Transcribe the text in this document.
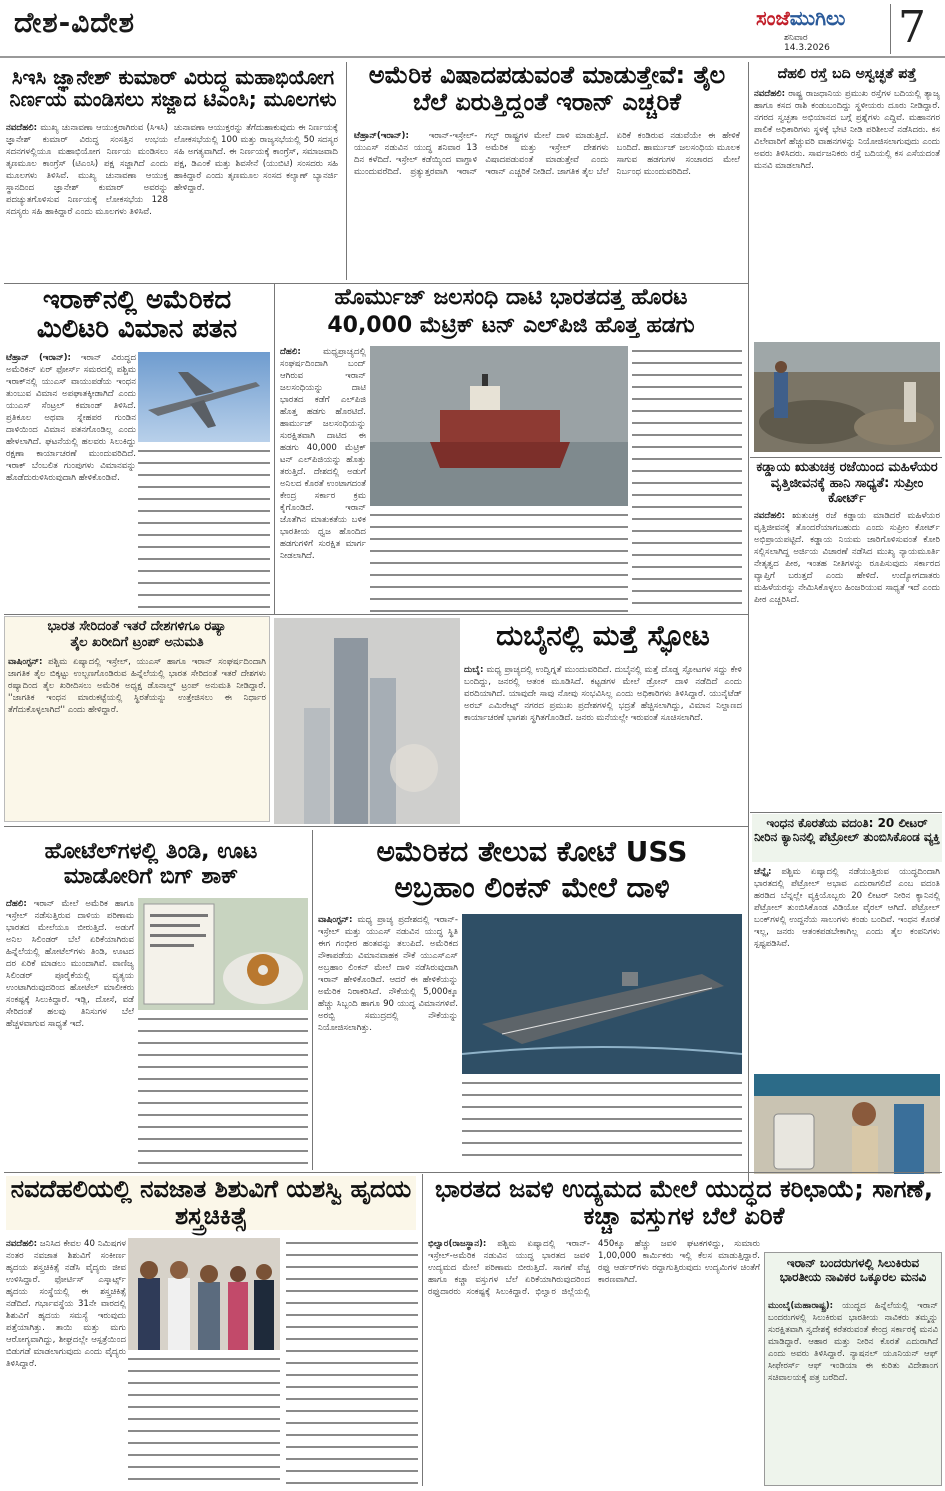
ದೇಶ-ವಿದೇಶ	ಸಂಜೆಮುಗಿಲು
ಶನಿವಾರ
14.3.2026 7
ಸಿಇಸಿ ಜ್ಞಾನೇಶ್ ಕುಮಾರ್ ವಿರುದ್ಧ ಮಹಾಭಿಯೋಗ ನಿರ್ಣಯ ಮಂಡಿಸಲು ಸಜ್ಜಾದ ಟಿಎಂಸಿ; ಮೂಲಗಳು
ನವದೆಹಲಿ: ಮುಖ್ಯ ಚುನಾವಣಾ ಆಯುಕ್ತರಾಗಿರುವ (ಸಿಇಸಿ) ಜ್ಞಾನೇಶ್ ಕುಮಾರ್ ವಿರುದ್ಧ ಸಂಸತ್ತಿನ ಉಭಯ ಸದನಗಳಲ್ಲಿಯೂ ಮಹಾಭಿಯೋಗ ನಿರ್ಣಯ ಮಂಡಿಸಲು ತೃಣಮೂಲ ಕಾಂಗ್ರೆಸ್ (ಟಿಎಂಸಿ) ಪಕ್ಷ ಸಜ್ಜಾಗಿದೆ ಎಂದು ಮೂಲಗಳು ತಿಳಿಸಿವೆ. ಮುಖ್ಯ ಚುನಾವಣಾ ಆಯುಕ್ತ ಸ್ಥಾನದಿಂದ ಜ್ಞಾನೇಶ್ ಕುಮಾರ್ ಅವರನ್ನು ಪದಚ್ಯುತಗೊಳಿಸುವ ನಿರ್ಣಯಕ್ಕೆ ಲೋಕಸಭೆಯ 128 ಸದಸ್ಯರು ಸಹಿ ಹಾಕಿದ್ದಾರೆ ಎಂದು ಮೂಲಗಳು ತಿಳಿಸಿವೆ.
ಚುನಾವಣಾ ಆಯುಕ್ತರನ್ನು ತೆಗೆದುಹಾಕುವುದು ಈ ನಿರ್ಣಯಕ್ಕೆ ಲೋಕಸಭೆಯಲ್ಲಿ 100 ಮತ್ತು ರಾಜ್ಯಸಭೆಯಲ್ಲಿ 50 ಸದಸ್ಯರ ಸಹಿ ಅಗತ್ಯವಾಗಿದೆ. ಈ ನಿರ್ಣಯಕ್ಕೆ ಕಾಂಗ್ರೆಸ್, ಸಮಾಜವಾದಿ ಪಕ್ಷ, ಡಿಎಂಕೆ ಮತ್ತು ಶಿವಸೇನೆ (ಯುಬಿಟಿ) ಸಂಸದರು ಸಹಿ ಹಾಕಿದ್ದಾರೆ ಎಂದು ತೃಣಮೂಲ ಸಂಸದ ಕಲ್ಯಾಣ್ ಬ್ಯಾನರ್ಜಿ ಹೇಳಿದ್ದಾರೆ.
ಅಮೆರಿಕ ವಿಷಾದಪಡುವಂತೆ ಮಾಡುತ್ತೇವೆ: ತೈಲ ಬೆಲೆ ಏರುತ್ತಿದ್ದಂತೆ ಇರಾನ್ ಎಚ್ಚರಿಕೆ
ಟೆಹ್ರಾನ್(ಇರಾನ್): ಇರಾನ್-ಇಸ್ರೇಲ್-ಯುಎಸ್ ನಡುವಿನ ಯುದ್ಧ ಶನಿವಾರ 13 ದಿನ ಕಳೆದಿದೆ. ಇಸ್ರೇಲ್ ಕಡೆಯ್ಯಿಂದ ವಾಗ್ದಾಳಿ ಮುಂದುವರೆದಿದೆ. ಪ್ರತ್ಯುತ್ತರವಾಗಿ ಇರಾನ್ ಗಲ್ಫ್ ರಾಷ್ಟ್ರಗಳ ಮೇಲೆ ದಾಳಿ ಮಾಡುತ್ತಿದೆ. ಅಮೆರಿಕ ಮತ್ತು ಇಸ್ರೇಲ್ ದೇಶಗಳು ವಿಷಾದಪಡುವಂತೆ ಮಾಡುತ್ತೇವೆ ಎಂದು ಇರಾನ್ ಎಚ್ಚರಿಕೆ ನೀಡಿದೆ. ಜಾಗತಿಕ ತೈಲ ಬೆಲೆ ಏರಿಕೆ ಕಂಡಿರುವ ನಡುವೆಯೇ ಈ ಹೇಳಿಕೆ ಬಂದಿದೆ. ಹಾರ್ಮುಜ್ ಜಲಸಂಧಿಯ ಮೂಲಕ ಸಾಗುವ ಹಡಗುಗಳ ಸಂಚಾರದ ಮೇಲೆ ನಿರ್ಬಂಧ ಮುಂದುವರಿದಿದೆ.
ದೆಹಲಿ ರಸ್ತೆ ಬದಿ ಅಸ್ವಚ್ಛತೆ ಪತ್ತೆ
ನವದೆಹಲಿ: ರಾಷ್ಟ್ರ ರಾಜಧಾನಿಯ ಪ್ರಮುಖ ರಸ್ತೆಗಳ ಬದಿಯಲ್ಲಿ ತ್ಯಾಜ್ಯ ಹಾಗೂ ಕಸದ ರಾಶಿ ಕಂಡುಬಂದಿದ್ದು ಸ್ಥಳೀಯರು ದೂರು ನೀಡಿದ್ದಾರೆ. ನಗರದ ಸ್ವಚ್ಛತಾ ಅಭಿಯಾನದ ಬಗ್ಗೆ ಪ್ರಶ್ನೆಗಳು ಎದ್ದಿವೆ. ಮಹಾನಗರ ಪಾಲಿಕೆ ಅಧಿಕಾರಿಗಳು ಸ್ಥಳಕ್ಕೆ ಭೇಟಿ ನೀಡಿ ಪರಿಶೀಲನೆ ನಡೆಸಿದರು. ಕಸ ವಿಲೇವಾರಿಗೆ ಹೆಚ್ಚುವರಿ ವಾಹನಗಳನ್ನು ನಿಯೋಜಿಸಲಾಗುವುದು ಎಂದು ಅವರು ತಿಳಿಸಿದರು. ಸಾರ್ವಜನಿಕರು ರಸ್ತೆ ಬದಿಯಲ್ಲಿ ಕಸ ಎಸೆಯದಂತೆ ಮನವಿ ಮಾಡಲಾಗಿದೆ.
ಕಡ್ಡಾಯ ಋತುಚಕ್ರ ರಜೆಯಿಂದ ಮಹಿಳೆಯರ ವೃತ್ತಿಜೀವನಕ್ಕೆ ಹಾನಿ ಸಾಧ್ಯತೆ: ಸುಪ್ರೀಂ ಕೋರ್ಟ್
ನವದೆಹಲಿ: ಋತುಚಕ್ರ ರಜೆ ಕಡ್ಡಾಯ ಮಾಡಿದರೆ ಮಹಿಳೆಯರ ವೃತ್ತಿಜೀವನಕ್ಕೆ ತೊಂದರೆಯಾಗಬಹುದು ಎಂದು ಸುಪ್ರೀಂ ಕೋರ್ಟ್ ಅಭಿಪ್ರಾಯಪಟ್ಟಿದೆ. ಕಡ್ಡಾಯ ನಿಯಮ ಜಾರಿಗೊಳಿಸುವಂತೆ ಕೋರಿ ಸಲ್ಲಿಸಲಾಗಿದ್ದ ಅರ್ಜಿಯ ವಿಚಾರಣೆ ನಡೆಸಿದ ಮುಖ್ಯ ನ್ಯಾಯಮೂರ್ತಿ ನೇತೃತ್ವದ ಪೀಠ, ಇಂತಹ ನೀತಿಗಳನ್ನು ರೂಪಿಸುವುದು ಸರ್ಕಾರದ ವ್ಯಾಪ್ತಿಗೆ ಬರುತ್ತದೆ ಎಂದು ಹೇಳಿದೆ. ಉದ್ಯೋಗದಾತರು ಮಹಿಳೆಯರನ್ನು ನೇಮಿಸಿಕೊಳ್ಳಲು ಹಿಂಜರಿಯುವ ಸಾಧ್ಯತೆ ಇದೆ ಎಂದು ಪೀಠ ಎಚ್ಚರಿಸಿದೆ.
ಇಂಧನ ಕೊರತೆಯ ವದಂತಿ: 20 ಲೀಟರ್ ನೀರಿನ ಕ್ಯಾನಿನಲ್ಲಿ ಪೆಟ್ರೋಲ್ ತುಂಬಿಸಿಕೊಂಡ ವ್ಯಕ್ತಿ
ಚೆನ್ನೈ: ಪಶ್ಚಿಮ ಏಷ್ಯಾದಲ್ಲಿ ನಡೆಯುತ್ತಿರುವ ಯುದ್ಧದಿಂದಾಗಿ ಭಾರತದಲ್ಲಿ ಪೆಟ್ರೋಲ್ ಅಭಾವ ಎದುರಾಗಲಿದೆ ಎಂಬ ವದಂತಿ ಹರಡಿದ ಬೆನ್ನಲ್ಲೇ ವ್ಯಕ್ತಿಯೊಬ್ಬರು 20 ಲೀಟರ್ ನೀರಿನ ಕ್ಯಾನಿನಲ್ಲಿ ಪೆಟ್ರೋಲ್ ತುಂಬಿಸಿಕೊಂಡ ವಿಡಿಯೋ ವೈರಲ್ ಆಗಿದೆ. ಪೆಟ್ರೋಲ್ ಬಂಕ್‌ಗಳಲ್ಲಿ ಉದ್ದನೆಯ ಸಾಲುಗಳು ಕಂಡು ಬಂದಿವೆ. ಇಂಧನ ಕೊರತೆ ಇಲ್ಲ, ಜನರು ಆತಂಕಪಡಬೇಕಾಗಿಲ್ಲ ಎಂದು ತೈಲ ಕಂಪನಿಗಳು ಸ್ಪಷ್ಟಪಡಿಸಿವೆ.
ಇರಾಕ್‌ನಲ್ಲಿ ಅಮೆರಿಕದ ಮಿಲಿಟರಿ ವಿಮಾನ ಪತನ
ಟೆಹ್ರಾನ್ (ಇರಾನ್): ಇರಾನ್ ವಿರುದ್ಧದ ಅಮೆರಿಕನ್ ಏರ್ ಫೋರ್ಸ್ ಸಮರದಲ್ಲಿ ಪಶ್ಚಿಮ ಇರಾಕ್‌ನಲ್ಲಿ ಯುಎಸ್ ವಾಯುಪಡೆಯ ಇಂಧನ ತುಂಬುವ ವಿಮಾನ ಅಪಘಾತಕ್ಕೀಡಾಗಿದೆ ಎಂದು ಯುಎಸ್ ಸೆಂಟ್ರಲ್ ಕಮಾಂಡ್ ತಿಳಿಸಿದೆ. ಪ್ರತಿಕೂಲ ಅಥವಾ ಸ್ನೇಹಪರ ಗುಂಡಿನ ದಾಳಿಯಿಂದ ವಿಮಾನ ಪತನಗೊಂಡಿಲ್ಲ ಎಂದು ಹೇಳಲಾಗಿದೆ. ಘಟನೆಯಲ್ಲಿ ಹಲವರು ಸಿಲುಕಿದ್ದು ರಕ್ಷಣಾ ಕಾರ್ಯಾಚರಣೆ ಮುಂದುವರಿದಿದೆ. ಇರಾಕ್ ಬೆಂಬಲಿತ ಗುಂಪುಗಳು ವಿಮಾನವನ್ನು ಹೊಡೆದುರುಳಿಸಿರುವುದಾಗಿ ಹೇಳಿಕೊಂಡಿವೆ.
ಹೊರ್ಮುಜ್ ಜಲಸಂಧಿ ದಾಟಿ ಭಾರತದತ್ತ ಹೊರಟ
40,000 ಮೆಟ್ರಿಕ್ ಟನ್ ಎಲ್‌ಪಿಜಿ ಹೊತ್ತ ಹಡಗು
ದೆಹಲಿ:	ಮಧ್ಯಪ್ರಾಚ್ಯದಲ್ಲಿ ಸಂಘರ್ಷದಿಂದಾಗಿ ಬಂದ್ ಆಗಿರುವ ಇರಾನ್ ಜಲಸಂಧಿಯನ್ನು ದಾಟಿ ಭಾರತದ ಕಡೆಗೆ ಎಲ್‌ಪಿಜಿ ಹೊತ್ತ ಹಡಗು ಹೊರಟಿದೆ. ಹಾರ್ಮುಜ್ ಜಲಸಂಧಿಯನ್ನು ಸುರಕ್ಷಿತವಾಗಿ ದಾಟಿದ ಈ ಹಡಗು 40,000 ಮೆಟ್ರಿಕ್ ಟನ್ ಎಲ್‌ಪಿಜಿಯನ್ನು ಹೊತ್ತು ತರುತ್ತಿದೆ. ದೇಶದಲ್ಲಿ ಅಡುಗೆ ಅನಿಲದ ಕೊರತೆ ಉಂಟಾಗದಂತೆ ಕೇಂದ್ರ ಸರ್ಕಾರ ಕ್ರಮ ಕೈಗೊಂಡಿದೆ. ಇರಾನ್ ಜೊತೆಗಿನ ಮಾತುಕತೆಯ ಬಳಿಕ ಭಾರತೀಯ ಧ್ವಜ ಹೊಂದಿದ ಹಡಗುಗಳಿಗೆ ಸುರಕ್ಷಿತ ಮಾರ್ಗ ನೀಡಲಾಗಿದೆ.
ಭಾರತ ಸೇರಿದಂತೆ ಇತರೆ ದೇಶಗಳಿಗೂ ರಷ್ಯಾ
ತೈಲ ಖರೀದಿಗೆ ಟ್ರಂಪ್ ಅನುಮತಿ
ವಾಷಿಂಗ್ಟನ್: ಪಶ್ಚಿಮ ಏಷ್ಯಾದಲ್ಲಿ ಇಸ್ರೇಲ್, ಯುಎಸ್ ಹಾಗೂ ಇರಾನ್ ಸಂಘರ್ಷದಿಂದಾಗಿ ಜಾಗತಿಕ ತೈಲ ಬಿಕ್ಕಟ್ಟು ಉಲ್ಬಣಗೊಂಡಿರುವ ಹಿನ್ನೆಲೆಯಲ್ಲಿ ಭಾರತ ಸೇರಿದಂತೆ ಇತರೆ ದೇಶಗಳು ರಷ್ಯಾದಿಂದ ತೈಲ ಖರೀದಿಸಲು ಅಮೆರಿಕ ಅಧ್ಯಕ್ಷ ಡೊನಾಲ್ಡ್ ಟ್ರಂಪ್ ಅನುಮತಿ ನೀಡಿದ್ದಾರೆ. ''ಜಾಗತಿಕ ಇಂಧನ ಮಾರುಕಟ್ಟೆಯಲ್ಲಿ ಸ್ಥಿರತೆಯನ್ನು ಉತ್ತೇಜಿಸಲು ಈ ನಿರ್ಧಾರ ತೆಗೆದುಕೊಳ್ಳಲಾಗಿದೆ'' ಎಂದು ಹೇಳಿದ್ದಾರೆ.
ದುಬೈನಲ್ಲಿ ಮತ್ತೆ ಸ್ಫೋಟ
ದುಬೈ: ಮಧ್ಯ ಪ್ರಾಚ್ಯದಲ್ಲಿ ಉದ್ವಿಗ್ನತೆ ಮುಂದುವರಿದಿದೆ. ದುಬೈನಲ್ಲಿ ಮತ್ತೆ ದೊಡ್ಡ ಸ್ಫೋಟಗಳ ಸದ್ದು ಕೇಳಿ ಬಂದಿದ್ದು, ಜನರಲ್ಲಿ ಆತಂಕ ಮೂಡಿಸಿದೆ. ಕಟ್ಟಡಗಳ ಮೇಲೆ ಡ್ರೋನ್ ದಾಳಿ ನಡೆದಿದೆ ಎಂದು ವರದಿಯಾಗಿದೆ. ಯಾವುದೇ ಸಾವು ನೋವು ಸಂಭವಿಸಿಲ್ಲ ಎಂದು ಅಧಿಕಾರಿಗಳು ತಿಳಿಸಿದ್ದಾರೆ. ಯುನೈಟೆಡ್ ಅರಬ್ ಎಮಿರೇಟ್ಸ್ ನಗರದ ಪ್ರಮುಖ ಪ್ರದೇಶಗಳಲ್ಲಿ ಭದ್ರತೆ ಹೆಚ್ಚಿಸಲಾಗಿದ್ದು, ವಿಮಾನ ನಿಲ್ದಾಣದ ಕಾರ್ಯಾಚರಣೆ ಭಾಗಶಃ ಸ್ಥಗಿತಗೊಂಡಿದೆ. ಜನರು ಮನೆಯಲ್ಲೇ ಇರುವಂತೆ ಸೂಚಿಸಲಾಗಿದೆ.
ಹೋಟೆಲ್‌ಗಳಲ್ಲಿ ತಿಂಡಿ, ಊಟ ಮಾಡೋರಿಗೆ ಬಿಗ್ ಶಾಕ್
ದೆಹಲಿ: ಇರಾನ್ ಮೇಲೆ ಅಮೆರಿಕ ಹಾಗೂ ಇಸ್ರೇಲ್ ನಡೆಸುತ್ತಿರುವ ದಾಳಿಯ ಪರಿಣಾಮ ಭಾರತದ ಮೇಲೆಯೂ ಬೀರುತ್ತಿದೆ. ಅಡುಗೆ ಅನಿಲ ಸಿಲಿಂಡರ್ ಬೆಲೆ ಏರಿಕೆಯಾಗಿರುವ ಹಿನ್ನೆಲೆಯಲ್ಲಿ ಹೋಟೆಲ್‌ಗಳು ತಿಂಡಿ, ಊಟದ ದರ ಏರಿಕೆ ಮಾಡಲು ಮುಂದಾಗಿವೆ. ವಾಣಿಜ್ಯ ಸಿಲಿಂಡರ್ ಪೂರೈಕೆಯಲ್ಲಿ ವ್ಯತ್ಯಯ ಉಂಟಾಗಿರುವುದರಿಂದ ಹೋಟೆಲ್ ಮಾಲೀಕರು ಸಂಕಷ್ಟಕ್ಕೆ ಸಿಲುಕಿದ್ದಾರೆ. ಇಡ್ಲಿ, ದೋಸೆ, ವಡೆ ಸೇರಿದಂತೆ ಹಲವು ತಿನಿಸುಗಳ ಬೆಲೆ ಹೆಚ್ಚಳವಾಗುವ ಸಾಧ್ಯತೆ ಇದೆ.
ಅಮೆರಿಕದ ತೇಲುವ ಕೋಟೆ USS
ಅಬ್ರಹಾಂ ಲಿಂಕನ್ ಮೇಲೆ ದಾಳಿ
ವಾಷಿಂಗ್ಟನ್: ಮಧ್ಯ ಪ್ರಾಚ್ಯ ಪ್ರದೇಶದಲ್ಲಿ ಇರಾನ್-ಇಸ್ರೇಲ್ ಮತ್ತು ಯುಎಸ್ ನಡುವಿನ ಯುದ್ಧ ಸ್ಥಿತಿ ಈಗ ಗಂಭೀರ ಹಂತವನ್ನು ತಲುಪಿದೆ. ಅಮೆರಿಕದ ನೌಕಾಪಡೆಯ ವಿಮಾನವಾಹಕ ನೌಕೆ ಯುಎಸ್‌ಎಸ್ ಅಬ್ರಹಾಂ ಲಿಂಕನ್ ಮೇಲೆ ದಾಳಿ ನಡೆಸಿರುವುದಾಗಿ ಇರಾನ್ ಹೇಳಿಕೊಂಡಿದೆ. ಆದರೆ ಈ ಹೇಳಿಕೆಯನ್ನು ಅಮೆರಿಕ ನಿರಾಕರಿಸಿದೆ. ನೌಕೆಯಲ್ಲಿ 5,000ಕ್ಕೂ ಹೆಚ್ಚು ಸಿಬ್ಬಂದಿ ಹಾಗೂ 90 ಯುದ್ಧ ವಿಮಾನಗಳಿವೆ. ಅರಬ್ಬಿ ಸಮುದ್ರದಲ್ಲಿ ನೌಕೆಯನ್ನು ನಿಯೋಜಿಸಲಾಗಿತ್ತು.
ನವದೆಹಲಿಯಲ್ಲಿ ನವಜಾತ ಶಿಶುವಿಗೆ ಯಶಸ್ವಿ ಹೃದಯ ಶಸ್ತ್ರಚಿಕಿತ್ಸೆ
ನವದೆಹಲಿ: ಜನಿಸಿದ ಕೇವಲ 40 ನಿಮಿಷಗಳ ನಂತರ ನವಜಾತ ಶಿಶುವಿಗೆ ಸಂಕೀರ್ಣ ಹೃದಯ ಶಸ್ತ್ರಚಿಕಿತ್ಸೆ ನಡೆಸಿ ವೈದ್ಯರು ಜೀವ ಉಳಿಸಿದ್ದಾರೆ. ಫೋರ್ಟಿಸ್ ಎಸ್ಕಾರ್ಟ್ಸ್ ಹೃದಯ ಸಂಸ್ಥೆಯಲ್ಲಿ ಈ ಶಸ್ತ್ರಚಿಕಿತ್ಸೆ ನಡೆದಿದೆ. ಗರ್ಭಾವಸ್ಥೆಯ 31ನೇ ವಾರದಲ್ಲಿ ಶಿಶುವಿಗೆ ಹೃದಯ ಸಮಸ್ಯೆ ಇರುವುದು ಪತ್ತೆಯಾಗಿತ್ತು. ತಾಯಿ ಮತ್ತು ಮಗು ಆರೋಗ್ಯವಾಗಿದ್ದು, ಶೀಘ್ರದಲ್ಲೇ ಆಸ್ಪತ್ರೆಯಿಂದ ಬಿಡುಗಡೆ ಮಾಡಲಾಗುವುದು ಎಂದು ವೈದ್ಯರು ತಿಳಿಸಿದ್ದಾರೆ.
ಭಾರತದ ಜವಳಿ ಉದ್ಯಮದ ಮೇಲೆ ಯುದ್ಧದ ಕರಿಛಾಯೆ; ಸಾಗಣೆ, ಕಚ್ಚಾ ವಸ್ತುಗಳ ಬೆಲೆ ಏರಿಕೆ
ಭಿಲ್ವಾರ(ರಾಜಸ್ಥಾನ): ಪಶ್ಚಿಮ ಏಷ್ಯಾದಲ್ಲಿ ಇರಾನ್-ಇಸ್ರೇಲ್-ಅಮೆರಿಕ ನಡುವಿನ ಯುದ್ಧ ಭಾರತದ ಜವಳಿ ಉದ್ಯಮದ ಮೇಲೆ ಪರಿಣಾಮ ಬೀರುತ್ತಿದೆ. ಸಾಗಣೆ ವೆಚ್ಚ ಹಾಗೂ ಕಚ್ಚಾ ವಸ್ತುಗಳ ಬೆಲೆ ಏರಿಕೆಯಾಗಿರುವುದರಿಂದ ರಫ್ತುದಾರರು ಸಂಕಷ್ಟಕ್ಕೆ ಸಿಲುಕಿದ್ದಾರೆ. ಭಿಲ್ವಾರ ಜಿಲ್ಲೆಯಲ್ಲಿ 450ಕ್ಕೂ ಹೆಚ್ಚು ಜವಳಿ ಘಟಕಗಳಿದ್ದು, ಸುಮಾರು 1,00,000 ಕಾರ್ಮಿಕರು ಇಲ್ಲಿ ಕೆಲಸ ಮಾಡುತ್ತಿದ್ದಾರೆ. ರಫ್ತು ಆರ್ಡರ್‌ಗಳು ರದ್ದಾಗುತ್ತಿರುವುದು ಉದ್ಯಮಿಗಳ ಚಿಂತೆಗೆ ಕಾರಣವಾಗಿದೆ.
ಇರಾನ್ ಬಂದರುಗಳಲ್ಲಿ ಸಿಲುಕಿರುವ ಭಾರತೀಯ ನಾವಿಕರ ಒಕ್ಕೂರಲ ಮನವಿ
ಮುಂಬೈ(ಮಹಾರಾಷ್ಟ್ರ): ಯುದ್ಧದ ಹಿನ್ನೆಲೆಯಲ್ಲಿ ಇರಾನ್ ಬಂದರುಗಳಲ್ಲಿ ಸಿಲುಕಿರುವ ಭಾರತೀಯ ನಾವಿಕರು ತಮ್ಮನ್ನು ಸುರಕ್ಷಿತವಾಗಿ ಸ್ವದೇಶಕ್ಕೆ ಕರೆತರುವಂತೆ ಕೇಂದ್ರ ಸರ್ಕಾರಕ್ಕೆ ಮನವಿ ಮಾಡಿದ್ದಾರೆ. ಆಹಾರ ಮತ್ತು ನೀರಿನ ಕೊರತೆ ಎದುರಾಗಿದೆ ಎಂದು ಅವರು ತಿಳಿಸಿದ್ದಾರೆ. ನ್ಯಾಷನಲ್ ಯೂನಿಯನ್ ಆಫ್ ಸೀಫೇರರ್ಸ್ ಆಫ್ ಇಂಡಿಯಾ ಈ ಕುರಿತು ವಿದೇಶಾಂಗ ಸಚಿವಾಲಯಕ್ಕೆ ಪತ್ರ ಬರೆದಿದೆ.
